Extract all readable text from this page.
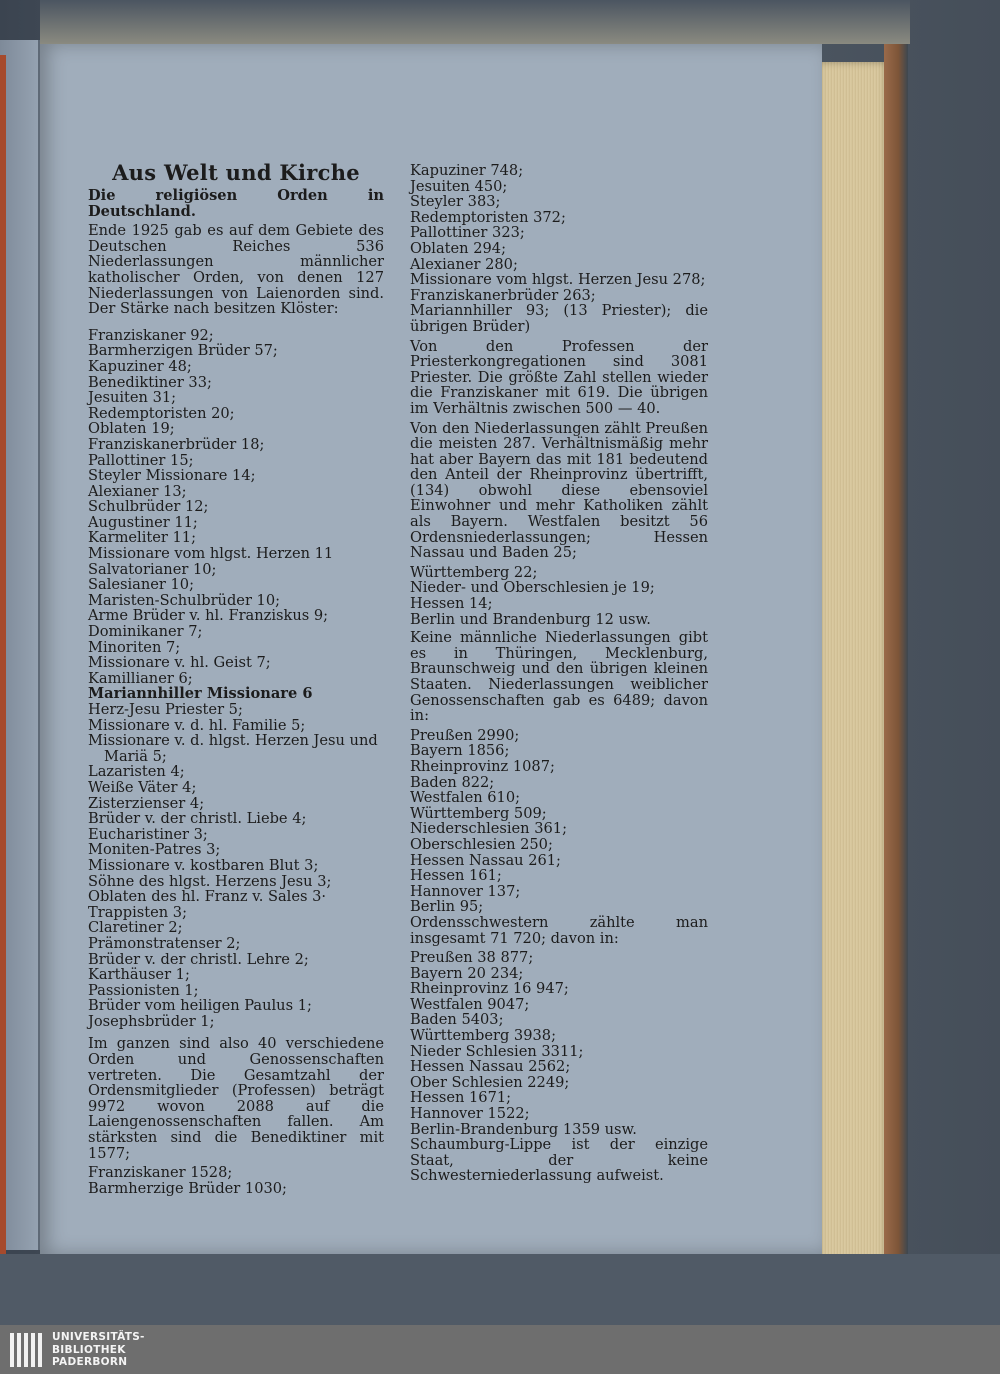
Aus Welt und Kirche
Die religiösen Orden in Deutschland.
Ende 1925 gab es auf dem Gebiete des Deutschen Reiches 536 Niederlassungen männlicher katholischer Orden, von denen 127 Niederlassungen von Laienorden sind. Der Stärke nach besitzen Klöster:
Franziskaner 92;
Barmherzigen Brüder 57;
Kapuziner 48;
Benediktiner 33;
Jesuiten 31;
Redemptoristen 20;
Oblaten 19;
Franziskanerbrüder 18;
Pallottiner 15;
Steyler Missionare 14;
Alexianer 13;
Schulbrüder 12;
Augustiner 11;
Karmeliter 11;
Missionare vom hlgst. Herzen 11
Salvatorianer 10;
Salesianer 10;
Maristen-Schulbrüder 10;
Arme Brüder v. hl. Franziskus 9;
Dominikaner 7;
Minoriten 7;
Missionare v. hl. Geist 7;
Kamillianer 6;
Mariannhiller Missionare 6
Herz-Jesu Priester 5;
Missionare v. d. hl. Familie 5;
Missionare v. d. hlgst. Herzen Jesu und
Mariä 5;
Lazaristen 4;
Weiße Väter 4;
Zisterzienser 4;
Brüder v. der christl. Liebe 4;
Eucharistiner 3;
Moniten-Patres 3;
Missionare v. kostbaren Blut 3;
Söhne des hlgst. Herzens Jesu 3;
Oblaten des hl. Franz v. Sales 3·
Trappisten 3;
Claretiner 2;
Prämonstratenser 2;
Brüder v. der christl. Lehre 2;
Karthäuser 1;
Passionisten 1;
Brüder vom heiligen Paulus 1;
Josephsbrüder 1;
Im ganzen sind also 40 verschiedene Orden und Genossenschaften vertreten. Die Gesamtzahl der Ordensmitglieder (Professen) beträgt 9972 wovon 2088 auf die Laiengenossenschaften fallen. Am stärksten sind die Benediktiner mit 1577;
Franziskaner 1528;
Barmherzige Brüder 1030;
Kapuziner 748;
Jesuiten 450;
Steyler 383;
Redemptoristen 372;
Pallottiner 323;
Oblaten 294;
Alexianer 280;
Missionare vom hlgst. Herzen Jesu 278;
Franziskanerbrüder 263;
Mariannhiller 93; (13 Priester); die übrigen Brüder)
Von den Professen der Priesterkongregationen sind 3081 Priester. Die größte Zahl stellen wieder die Franziskaner mit 619. Die übrigen im Verhältnis zwischen 500 — 40.
Von den Niederlassungen zählt Preußen die meisten 287. Verhältnismäßig mehr hat aber Bayern das mit 181 bedeutend den Anteil der Rheinprovinz übertrifft, (134) obwohl diese ebensoviel Einwohner und mehr Katholiken zählt als Bayern. Westfalen besitzt 56 Ordensniederlassungen; Hessen Nassau und Baden 25;
Württemberg 22;
Nieder- und Oberschlesien je 19;
Hessen 14;
Berlin und Brandenburg 12 usw.
Keine männliche Niederlassungen gibt es in Thüringen, Mecklenburg, Braunschweig und den übrigen kleinen Staaten. Niederlassungen weiblicher Genossenschaften gab es 6489; davon in:
Preußen 2990;
Bayern 1856;
Rheinprovinz 1087;
Baden 822;
Westfalen 610;
Württemberg 509;
Niederschlesien 361;
Oberschlesien 250;
Hessen Nassau 261;
Hessen 161;
Hannover 137;
Berlin 95;
Ordensschwestern zählte man insgesamt 71 720; davon in:
Preußen 38 877;
Bayern 20 234;
Rheinprovinz 16 947;
Westfalen 9047;
Baden 5403;
Württemberg 3938;
Nieder Schlesien 3311;
Hessen Nassau 2562;
Ober Schlesien 2249;
Hessen 1671;
Hannover 1522;
Berlin-Brandenburg 1359 usw.
Schaumburg-Lippe ist der einzige Staat, der keine Schwesterniederlassung aufweist.
UNIVERSITÄTS-
BIBLIOTHEK
PADERBORN
